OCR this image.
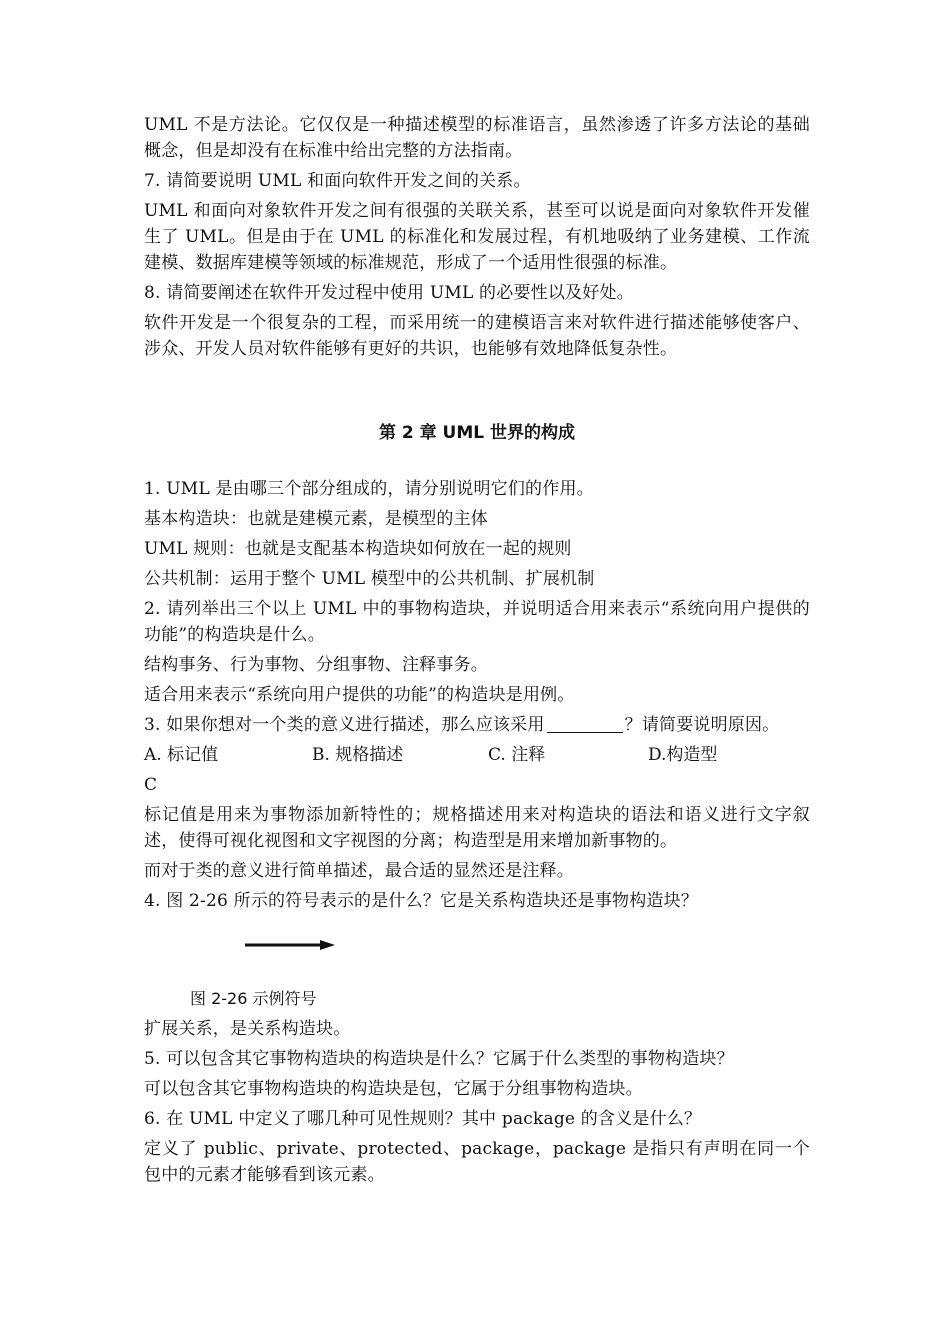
UML 不是方法论。它仅仅是一种描述模型的标准语言，虽然渗透了许多方法论的基础概念，但是却没有在标准中给出完整的方法指南。

7. 请简要说明 UML 和面向软件开发之间的关系。

UML 和面向对象软件开发之间有很强的关联关系，甚至可以说是面向对象软件开发催生了 UML。但是由于在 UML 的标准化和发展过程，有机地吸纳了业务建模、工作流建模、数据库建模等领域的标准规范，形成了一个适用性很强的标准。

8. 请简要阐述在软件开发过程中使用 UML 的必要性以及好处。

软件开发是一个很复杂的工程，而采用统一的建模语言来对软件进行描述能够使客户、涉众、开发人员对软件能够有更好的共识，也能够有效地降低复杂性。

第 2 章 UML 世界的构成

1. UML 是由哪三个部分组成的，请分别说明它们的作用。

基本构造块：也就是建模元素，是模型的主体

UML 规则：也就是支配基本构造块如何放在一起的规则

公共机制：运用于整个 UML 模型中的公共机制、扩展机制

2. 请列举出三个以上 UML 中的事物构造块，并说明适合用来表示“系统向用户提供的功能”的构造块是什么。

结构事务、行为事物、分组事物、注释事务。

适合用来表示“系统向用户提供的功能”的构造块是用例。

3. 如果你想对一个类的意义进行描述，那么应该采用	？请简要说明原因。

A. 标记值	B. 规格描述	C. 注释	D.构造型

C

标记值是用来为事物添加新特性的；规格描述用来对构造块的语法和语义进行文字叙述，使得可视化视图和文字视图的分离；构造型是用来增加新事物的。

而对于类的意义进行简单描述，最合适的显然还是注释。

4. 图 2-26 所示的符号表示的是什么？它是关系构造块还是事物构造块？

图 2-26 示例符号

扩展关系，是关系构造块。

5. 可以包含其它事物构造块的构造块是什么？它属于什么类型的事物构造块？

可以包含其它事物构造块的构造块是包，它属于分组事物构造块。

6. 在 UML 中定义了哪几种可见性规则？其中 package 的含义是什么？

定义了 public、private、protected、package，package 是指只有声明在同一个包中的元素才能够看到该元素。
